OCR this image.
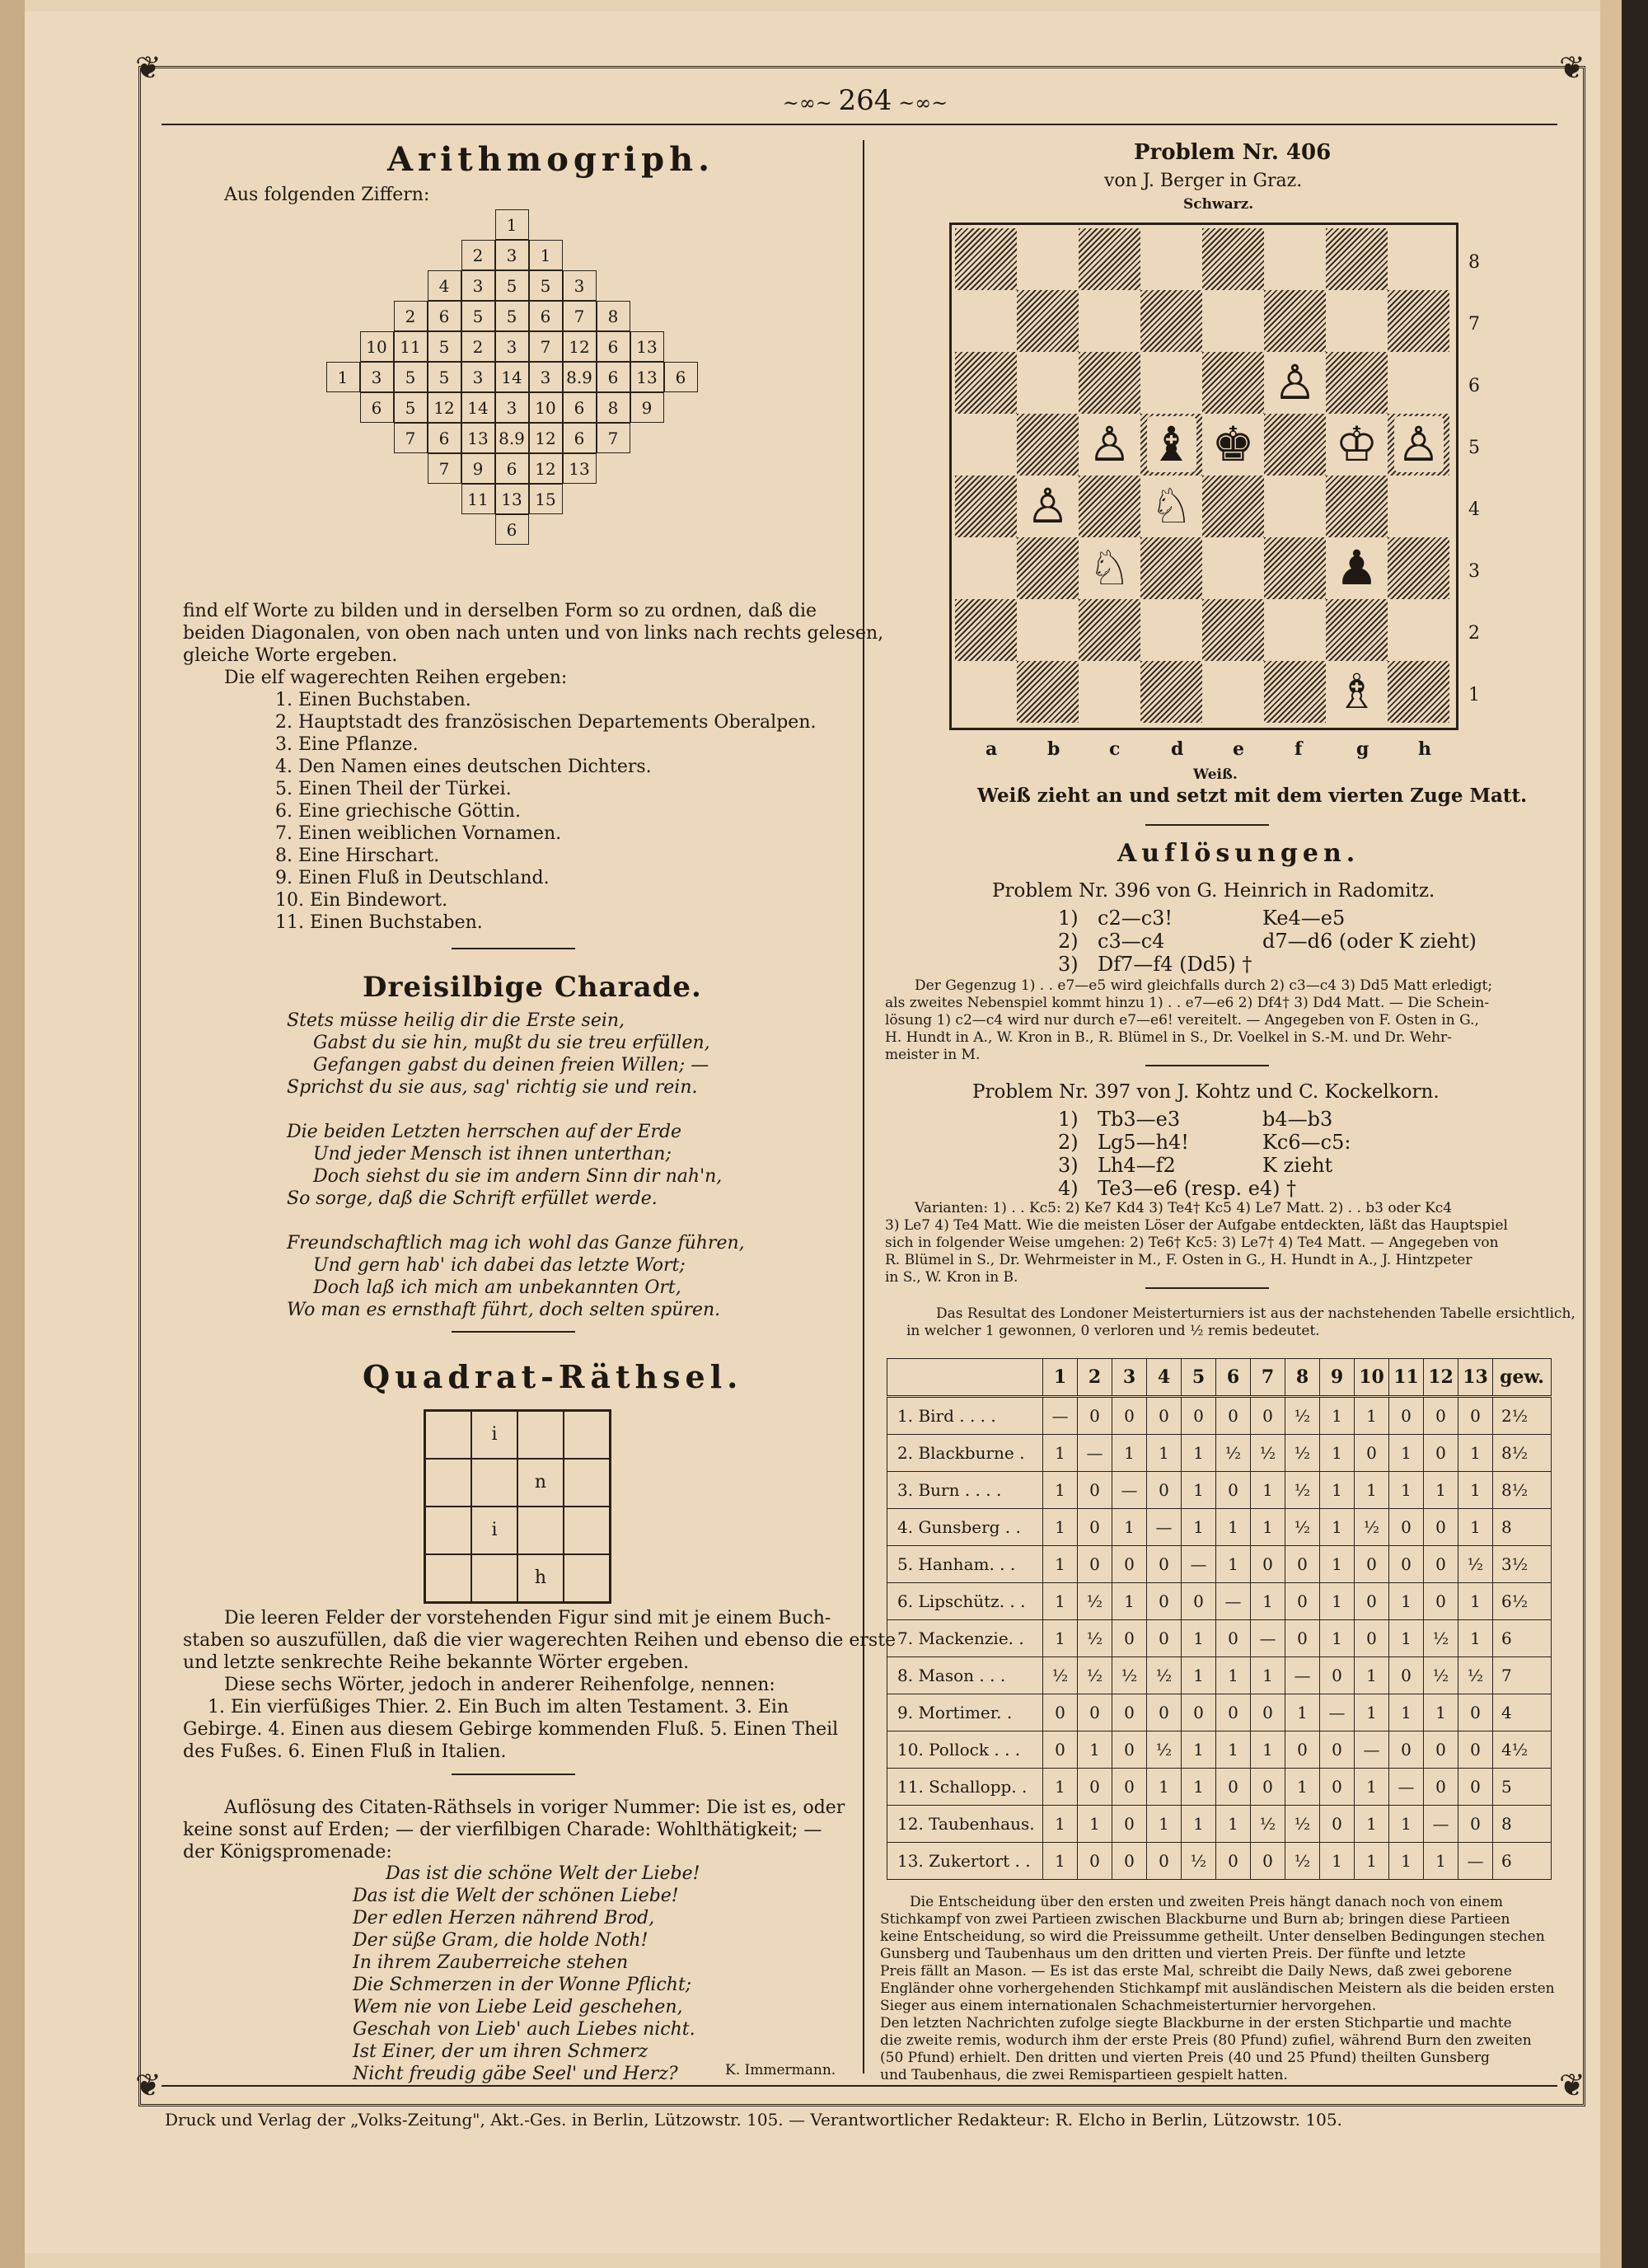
❦	❦
❦	❦
~∞~ 264 ~∞~
Arithmogriph.
Aus folgenden Ziffern:
1
2	3	1
4	3	5	5	3
2	6	5	5	6	7	8
10 11	5	2	3	7	12	6	13
1	3	5	5	3	14	3 8.9 6	13	6
6	5	12 14	3	10	6	8	9
7	6	13 8.9 12	6	7
7	9	6	12 13
11 13 15
6
find elf Worte zu bilden und in derselben Form so zu ordnen, daß die
beiden Diagonalen, von oben nach unten und von links nach rechts gelesen,
gleiche Worte ergeben.
Die elf wagerechten Reihen ergeben:
1. Einen Buchstaben.
2. Hauptstadt des französischen Departements Oberalpen.
3. Eine Pflanze.
4. Den Namen eines deutschen Dichters.
5. Einen Theil der Türkei.
6. Eine griechische Göttin.
7. Einen weiblichen Vornamen.
8. Eine Hirschart.
9. Einen Fluß in Deutschland.
10. Ein Bindewort.
11. Einen Buchstaben.
Dreisilbige Charade.
Stets müsse heilig dir die Erste sein,
Gabst du sie hin, mußt du sie treu erfüllen,
Gefangen gabst du deinen freien Willen; —
Sprichst du sie aus, sag' richtig sie und rein.
Die beiden Letzten herrschen auf der Erde
Und jeder Mensch ist ihnen unterthan;
Doch siehst du sie im andern Sinn dir nah'n,
So sorge, daß die Schrift erfüllet werde.
Freundschaftlich mag ich wohl das Ganze führen,
Und gern hab' ich dabei das letzte Wort;
Doch laß ich mich am unbekannten Ort,
Wo man es ernsthaft führt, doch selten spüren.
Quadrat-Räthsel.
i
n
i
h
Die leeren Felder der vorstehenden Figur sind mit je einem Buch-
staben so auszufüllen, daß die vier wagerechten Reihen und ebenso die erste
und letzte senkrechte Reihe bekannte Wörter ergeben.
Diese sechs Wörter, jedoch in anderer Reihenfolge, nennen:
1. Ein vierfüßiges Thier. 2. Ein Buch im alten Testament. 3. Ein
Gebirge. 4. Einen aus diesem Gebirge kommenden Fluß. 5. Einen Theil
des Fußes. 6. Einen Fluß in Italien.
Auflösung des Citaten-Räthsels in voriger Nummer: Die ist es, oder
keine sonst auf Erden; — der vierfilbigen Charade: Wohlthätigkeit; —
der Königspromenade:
Das ist die schöne Welt der Liebe!
Das ist die Welt der schönen Liebe!
Der edlen Herzen nährend Brod,
Der süße Gram, die holde Noth!
In ihrem Zauberreiche stehen
Die Schmerzen in der Wonne Pflicht;
Wem nie von Liebe Leid geschehen,
Geschah von Lieb' auch Liebes nicht.
Ist Einer, der um ihren Schmerz
Nicht freudig gäbe Seel' und Herz?	K. Immermann.
Problem Nr. 406
von J. Berger in Graz.
Schwarz.
♙
♙ ♝ ♚ ♔ ♙
♙ ♘
♘	♟
♗
8
7
6
5
4
3
2
1
a	b	c	d	e	f	g	h
Weiß.
Weiß zieht an und setzt mit dem vierten Zuge Matt.
Auflösungen.
Problem Nr. 396 von G. Heinrich in Radomitz.
1) c2—c3!	Ke4—e5
2) c3—c4	d7—d6 (oder K zieht)
3) Df7—f4 (Dd5) †
Der Gegenzug 1) . . e7—e5 wird gleichfalls durch 2) c3—c4 3) Dd5 Matt erledigt;
als zweites Nebenspiel kommt hinzu 1) . . e7—e6 2) Df4† 3) Dd4 Matt. — Die Schein-
lösung 1) c2—c4 wird nur durch e7—e6! vereitelt. — Angegeben von F. Osten in G.,
H. Hundt in A., W. Kron in B., R. Blümel in S., Dr. Voelkel in S.-M. und Dr. Wehr-
meister in M.
Problem Nr. 397 von J. Kohtz und C. Kockelkorn.
1) Tb3—e3	b4—b3
2) Lg5—h4!	Kc6—c5:
3) Lh4—f2	K zieht
4) Te3—e6 (resp. e4) †
Varianten: 1) . . Kc5: 2) Ke7 Kd4 3) Te4† Kc5 4) Le7 Matt. 2) . . b3 oder Kc4
3) Le7 4) Te4 Matt. Wie die meisten Löser der Aufgabe entdeckten, läßt das Hauptspiel
sich in folgender Weise umgehen: 2) Te6† Kc5: 3) Le7† 4) Te4 Matt. — Angegeben von
R. Blümel in S., Dr. Wehrmeister in M., F. Osten in G., H. Hundt in A., J. Hintzpeter
in S., W. Kron in B.
Das Resultat des Londoner Meisterturniers ist aus der nachstehenden Tabelle ersichtlich,
in welcher 1 gewonnen, 0 verloren und ½ remis bedeutet.
	1	2	3	4	5	6	7	8	9	10	11	12	13	gew.
1. Bird . . . .	—	0	0	0	0	0	0	½	1	1	0	0	0	2½
2. Blackburne .	1	—	1	1	1	½	½	½	1	0	1	0	1	8½
3. Burn . . . .	1	0	—	0	1	0	1	½	1	1	1	1	1	8½
4. Gunsberg . .	1	0	1	—	1	1	1	½	1	½	0	0	1	8
5. Hanham. . .	1	0	0	0	—	1	0	0	1	0	0	0	½	3½
6. Lipschütz. . .	1	½	1	0	0	—	1	0	1	0	1	0	1	6½
7. Mackenzie. .	1	½	0	0	1	0	—	0	1	0	1	½	1	6
8. Mason . . .	½	½	½	½	1	1	1	—	0	1	0	½	½	7
9. Mortimer. .	0	0	0	0	0	0	0	1	—	1	1	1	0	4
10. Pollock . . .	0	1	0	½	1	1	1	0	0	—	0	0	0	4½
11. Schallopp. .	1	0	0	1	1	0	0	1	0	1	—	0	0	5
12. Taubenhaus.	1	1	0	1	1	1	½	½	0	1	1	—	0	8
13. Zukertort . .	1	0	0	0	½	0	0	½	1	1	1	1	—	6
Die Entscheidung über den ersten und zweiten Preis hängt danach noch von einem
Stichkampf von zwei Partieen zwischen Blackburne und Burn ab; bringen diese Partieen
keine Entscheidung, so wird die Preissumme getheilt. Unter denselben Bedingungen stechen
Gunsberg und Taubenhaus um den dritten und vierten Preis. Der fünfte und letzte
Preis fällt an Mason. — Es ist das erste Mal, schreibt die Daily News, daß zwei geborene
Engländer ohne vorhergehenden Stichkampf mit ausländischen Meistern als die beiden ersten
Sieger aus einem internationalen Schachmeisterturnier hervorgehen.
Den letzten Nachrichten zufolge siegte Blackburne in der ersten Stichpartie und machte
die zweite remis, wodurch ihm der erste Preis (80 Pfund) zufiel, während Burn den zweiten
(50 Pfund) erhielt. Den dritten und vierten Preis (40 und 25 Pfund) theilten Gunsberg
und Taubenhaus, die zwei Remispartieen gespielt hatten.
Druck und Verlag der „Volks-Zeitung", Akt.-Ges. in Berlin, Lützowstr. 105. — Verantwortlicher Redakteur: R. Elcho in Berlin, Lützowstr. 105.
